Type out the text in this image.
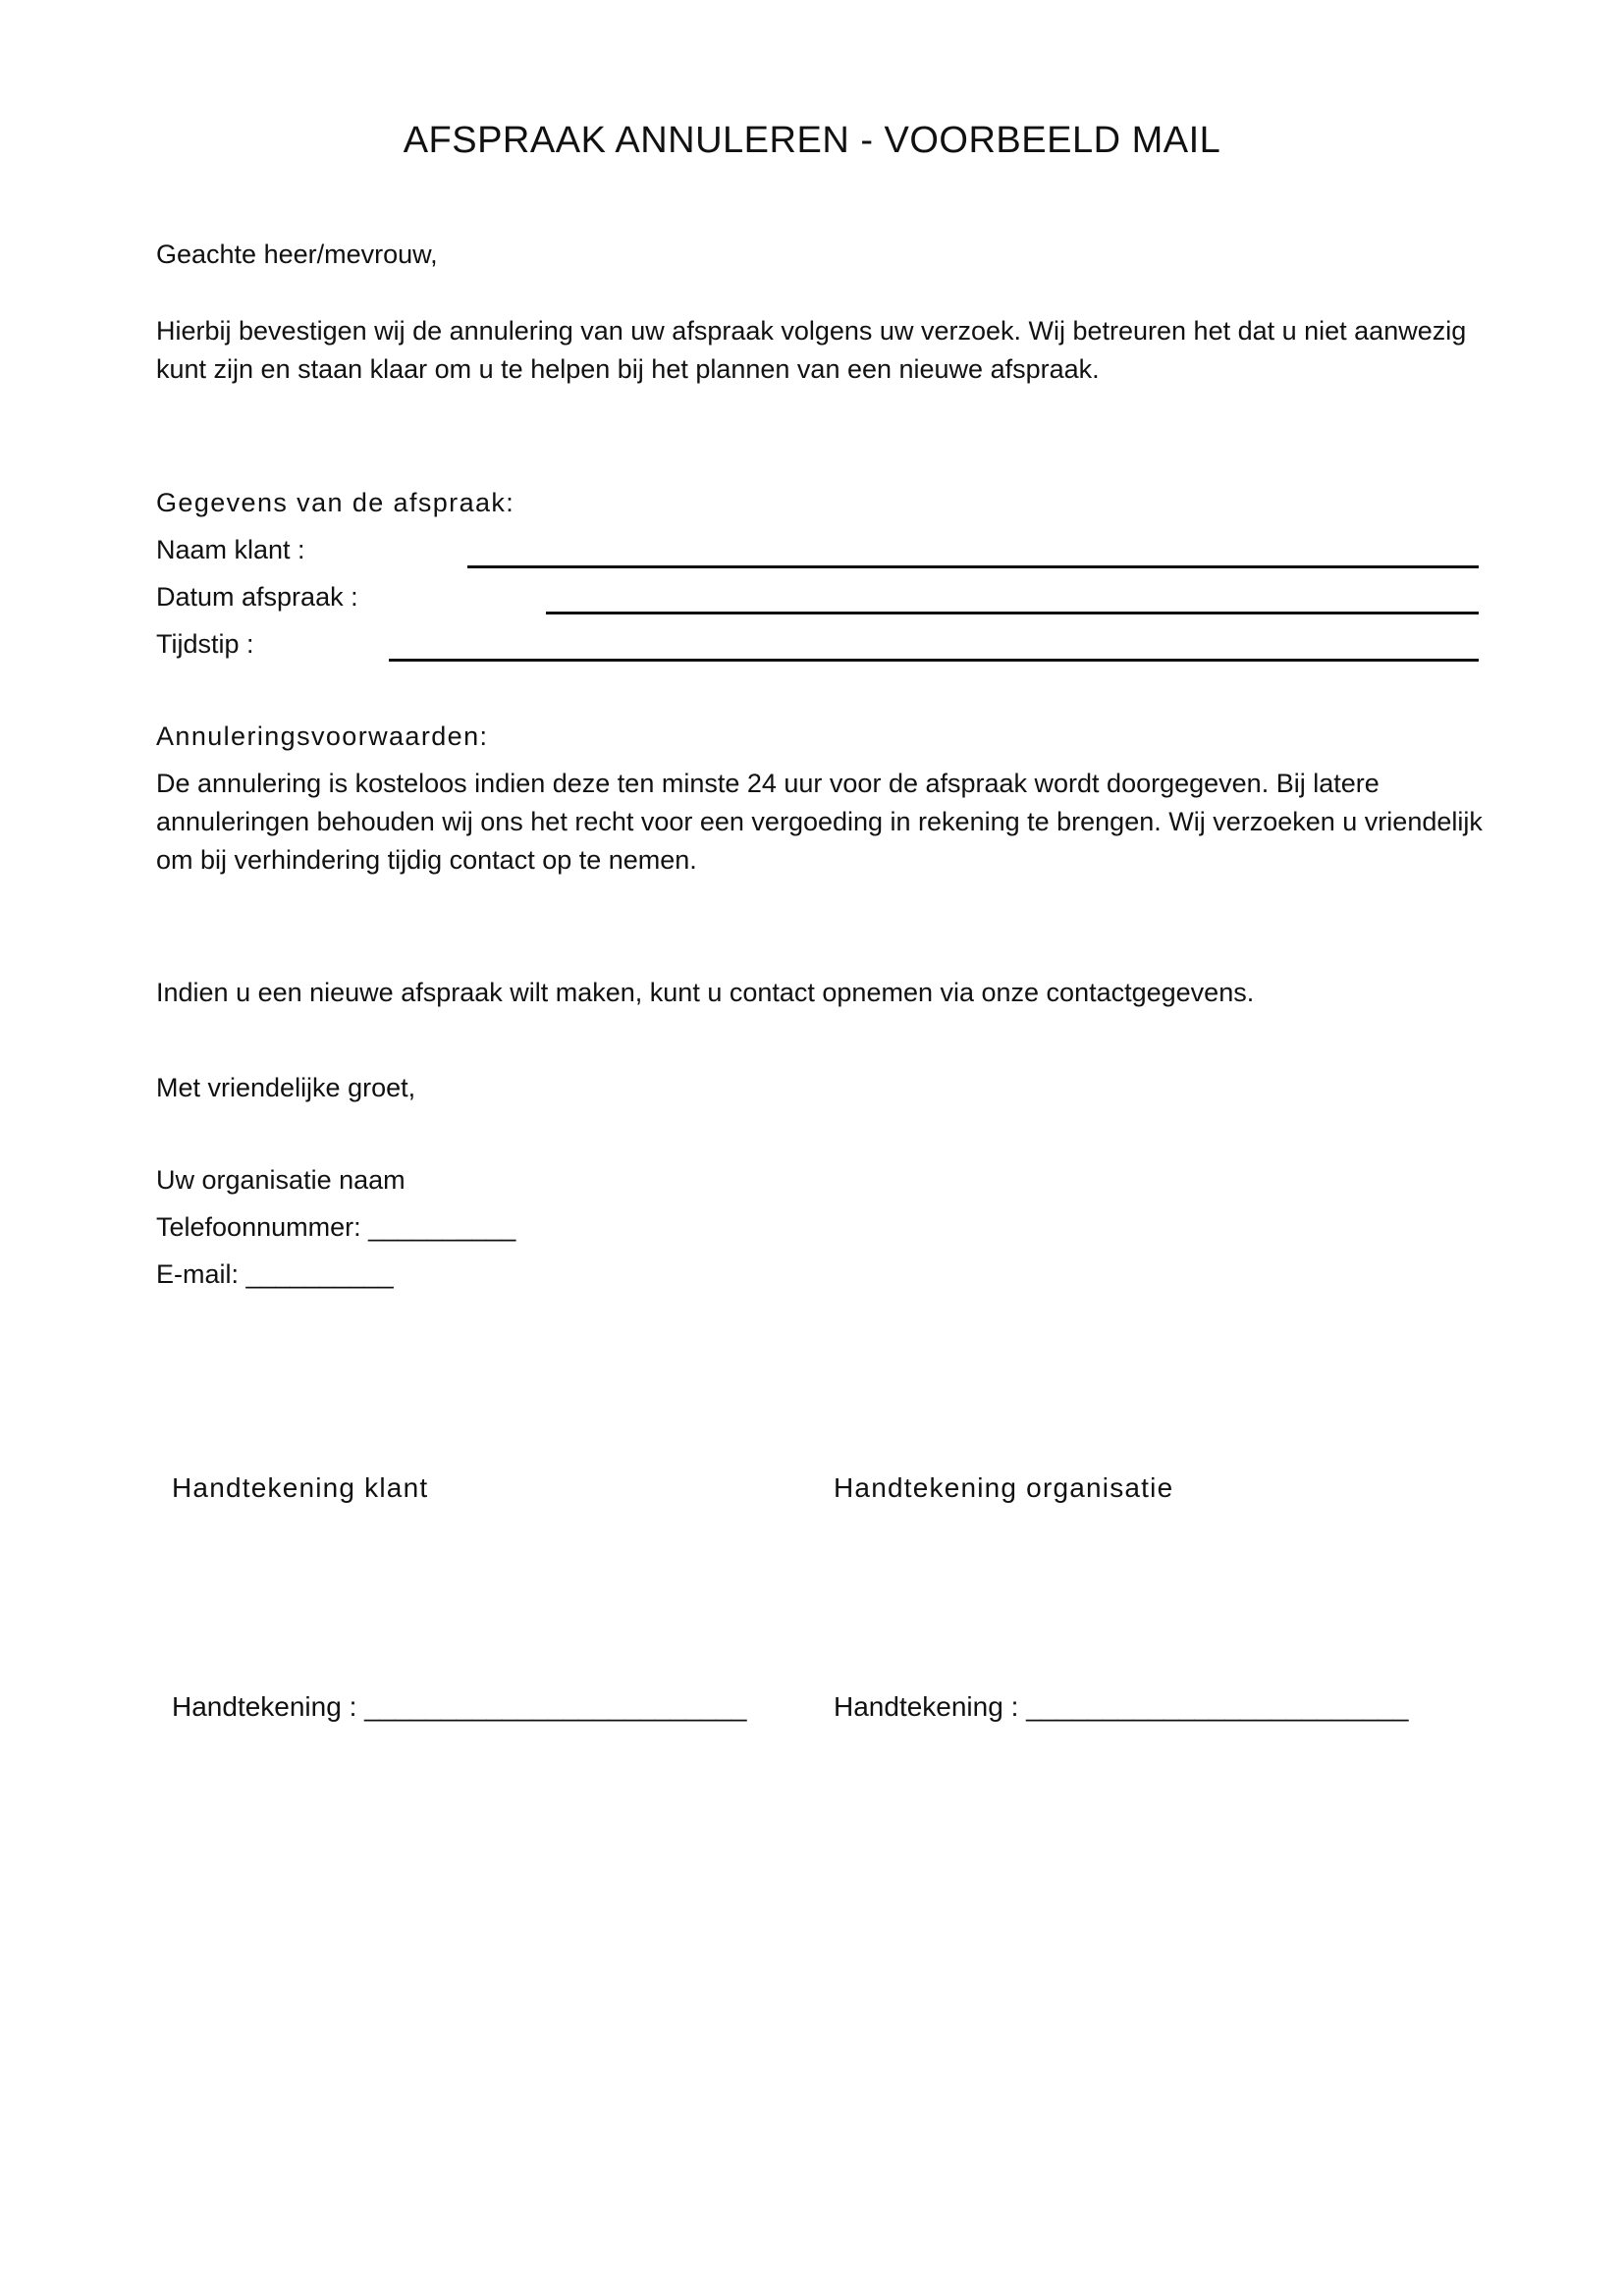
AFSPRAAK ANNULEREN - VOORBEELD MAIL
Geachte heer/mevrouw,

Hierbij bevestigen wij de annulering van uw afspraak volgens uw verzoek. Wij betreuren het dat u niet aanwezig kunt zijn en staan klaar om u te helpen bij het plannen van een nieuwe afspraak.

Gegevens van de afspraak:
Naam klant :
Datum afspraak :
Tijdstip :
Annuleringsvoorwaarden:

De annulering is kosteloos indien deze ten minste 24 uur voor de afspraak wordt doorgegeven. Bij latere annuleringen behouden wij ons het recht voor een vergoeding in rekening te brengen. Wij verzoeken u vriendelijk om bij verhindering tijdig contact op te nemen.

Indien u een nieuwe afspraak wilt maken, kunt u contact opnemen via onze contactgegevens.
Met vriendelijke groet,
Uw organisatie naam
Telefoonnummer: __________
E-mail: __________
Handtekening klant	Handtekening organisatie
Handtekening : _________________________	Handtekening : _________________________
